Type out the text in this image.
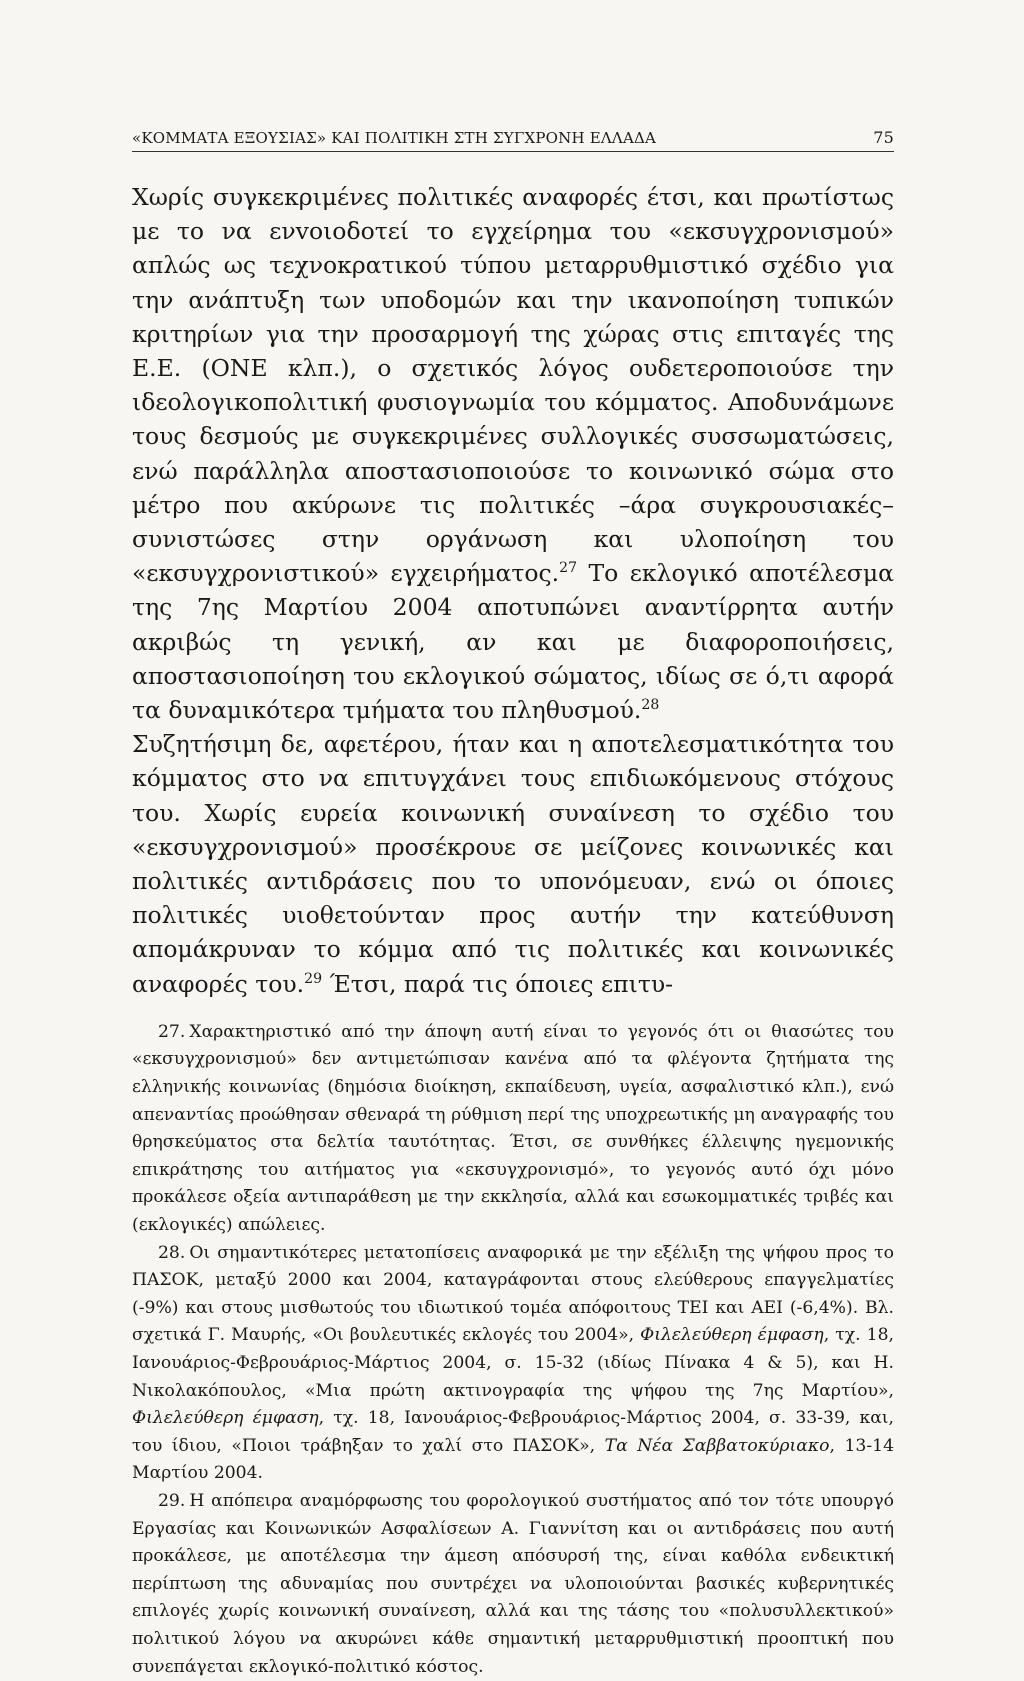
«ΚΟΜΜΑΤΑ ΕΞΟΥΣΙΑΣ» ΚΑΙ ΠΟΛΙΤΙΚΗ ΣΤΗ ΣΥΓΧΡΟΝΗ ΕΛΛΑΔΑ	75

Χωρίς συγκεκριμένες πολιτικές αναφορές έτσι, και πρωτίστως με το να ενvοιοδοτεί το εγχείρημα του «εκσυγχρονισμού» απλώς ως τεχνοκρατικού τύπου μεταρρυθμιστικό σχέδιο για την ανάπτυξη των υποδομών και την ικανοποίηση τυπικών κριτηρίων για την προσαρμογή της χώρας στις επιταγές της Ε.Ε. (ΟΝΕ κλπ.), ο σχετικός λόγος ουδετεροποιούσε την ιδεολογικοπολιτική φυσιογνωμία του κόμματος. Αποδυνάμωνε τους δεσμούς με συγκεκριμένες συλλογικές συσσωματώσεις, ενώ παράλληλα αποστασιοποιούσε το κοινωνικό σώμα στο μέτρο που ακύρωνε τις πολιτικές –άρα συγκρουσιακές– συνιστώσες στην οργάνωση και υλοποίηση του «εκσυγχρονιστικού» εγχειρήματος.$^{27}$ Το εκλογικό αποτέλεσμα της 7ης Μαρτίου 2004 αποτυπώνει αναντίρρητα αυτήν ακριβώς τη γενική, αν και με διαφοροποιήσεις, αποστασιοποίηση του εκλογικού σώματος, ιδίως σε ό,τι αφορά τα δυναμικότερα τμήματα του πληθυσμού.$^{28}$

Συζητήσιμη δε, αφετέρου, ήταν και η αποτελεσματικότητα του κόμματος στο να επιτυγχάνει τους επιδιωκόμενους στόχους του. Χωρίς ευρεία κοινωνική συναίνεση το σχέδιο του «εκσυγχρονισμού» προσέκρουε σε μείζονες κοινωνικές και πολιτικές αντιδράσεις που το υπονόμευαν, ενώ οι όποιες πολιτικές υιοθετούνταν προς αυτήν την κατεύθυνση απομάκρυναν το κόμμα από τις πολιτικές και κοινωνικές αναφορές του.$^{29}$ Έτσι, παρά τις όποιες επιτυ-

27. Χαρακτηριστικό από την άποψη αυτή είναι το γεγονός ότι οι θιασώτες του «εκσυγχρονισμού» δεν αντιμετώπισαν κανένα από τα φλέγοντα ζητήματα της ελληνικής κοινωνίας (δημόσια διοίκηση, εκπαίδευση, υγεία, ασφαλιστικό κλπ.), ενώ απεναντίας προώθησαν σθεναρά τη ρύθμιση περί της υποχρεωτικής μη αναγραφής του θρησκεύματος στα δελτία ταυτότητας. Έτσι, σε συνθήκες έλλειψης ηγεμονικής επικράτησης του αιτήματος για «εκσυγχρονισμό», το γεγονός αυτό όχι μόνο προκάλεσε οξεία αντιπαράθεση με την εκκλησία, αλλά και εσωκομματικές τριβές και (εκλογικές) απώλειες.

28. Οι σημαντικότερες μετατοπίσεις αναφορικά με την εξέλιξη της ψήφου προς το ΠΑΣΟΚ, μεταξύ 2000 και 2004, καταγράφονται στους ελεύθερους επαγγελματίες (-9%) και στους μισθωτούς του ιδιωτικού τομέα απόφοιτους ΤΕΙ και ΑΕΙ (-6,4%). Βλ. σχετικά Γ. Μαυρής, «Οι βουλευτικές εκλογές του 2004», Φιλελεύθερη έμφαση, τχ. 18, Ιανουάριος-Φεβρουάριος-Μάρτιος 2004, σ. 15-32 (ιδίως Πίνακα 4 & 5), και Η. Νικολακόπουλος, «Μια πρώτη ακτινογραφία της ψήφου της 7ης Μαρτίου», Φιλελεύθερη έμφαση, τχ. 18, Ιανουάριος-Φεβρουάριος-Μάρτιος 2004, σ. 33-39, και, του ίδιου, «Ποιοι τράβηξαν το χαλί στο ΠΑΣΟΚ», Τα Νέα Σαββατοκύριακο, 13-14 Μαρτίου 2004.

29. Η απόπειρα αναμόρφωσης του φορολογικού συστήματος από τον τότε υπουργό Εργασίας και Κοινωνικών Ασφαλίσεων Α. Γιαννίτση και οι αντιδράσεις που αυτή προκάλεσε, με αποτέλεσμα την άμεση απόσυρσή της, είναι καθόλα ενδεικτική περίπτωση της αδυναμίας που συντρέχει να υλοποιούνται βασικές κυβερνητικές επιλογές χωρίς κοινωνική συναίνεση, αλλά και της τάσης του «πολυσυλλεκτικού» πολιτικού λόγου να ακυρώνει κάθε σημαντική μεταρρυθμιστική προοπτική που συνεπάγεται εκλογικό-πολιτικό κόστος.
